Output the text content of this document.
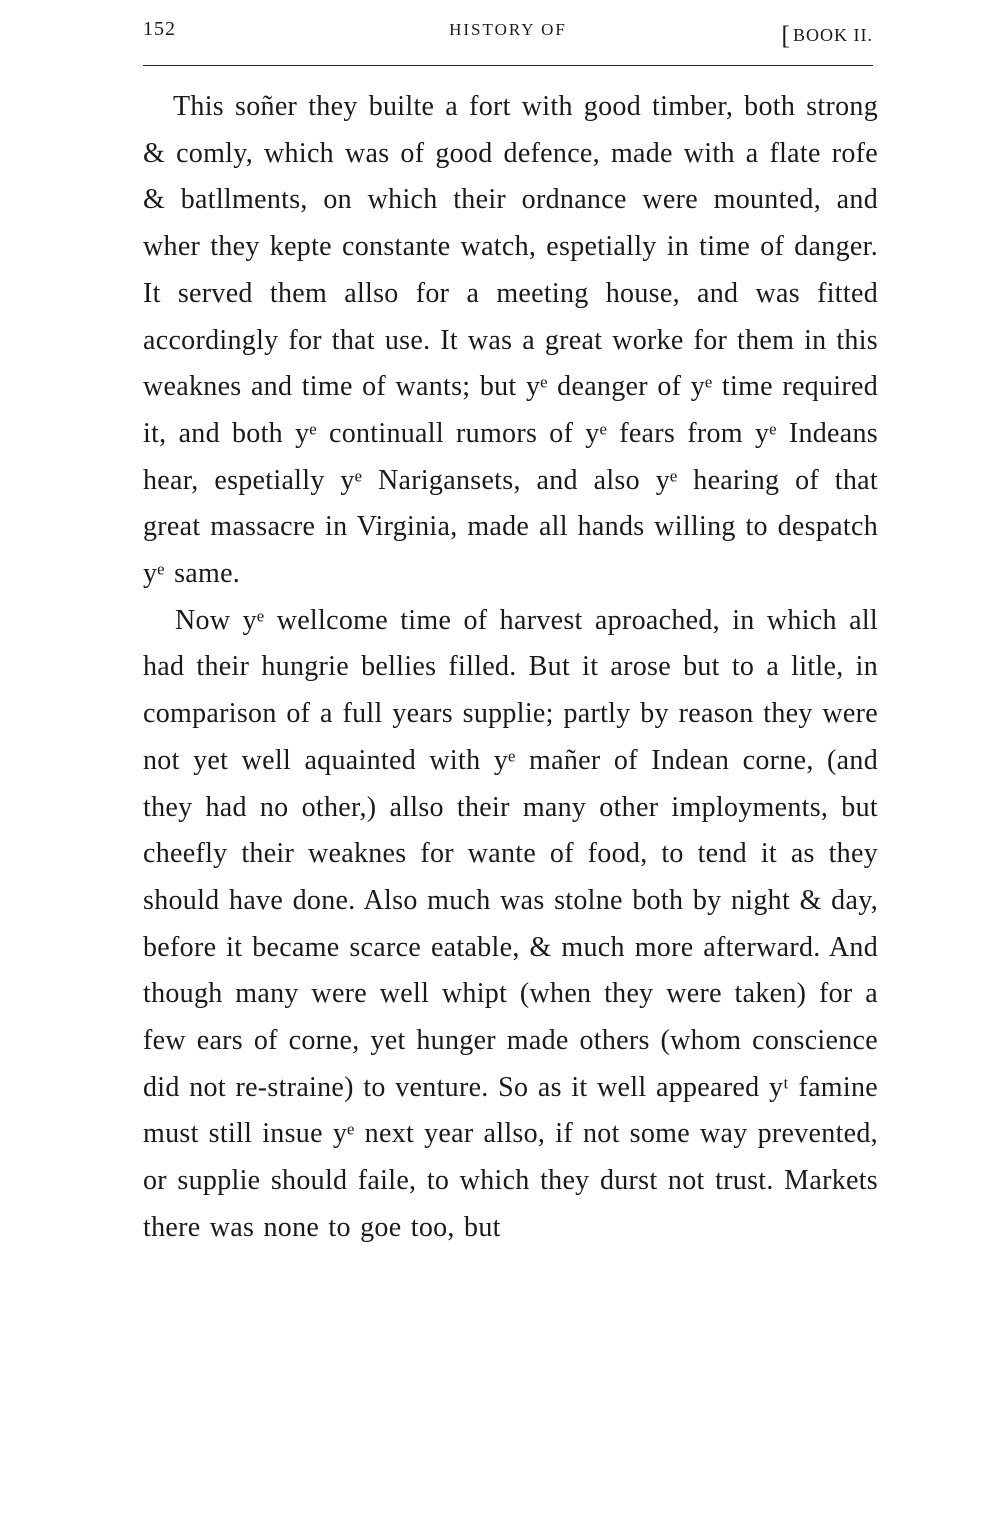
152	HISTORY OF	[ BOOK II.

This soñer they builte a fort with good timber, both strong & comly, which was of good defence, made with a flate rofe & batllments, on which their ordnance were mounted, and wher they kepte constante watch, espetially in time of danger. It served them allso for a meeting house, and was fitted accordingly for that use. It was a great worke for them in this weaknes and time of wants; but yᵉ deanger of yᵉ time required it, and both yᵉ continuall rumors of yᵉ fears from yᵉ Indeans hear, espetially yᵉ Narigansets, and also yᵉ hearing of that great massacre in Virginia, made all hands willing to despatch yᵉ same.

Now yᵉ wellcome time of harvest aproached, in which all had their hungrie bellies filled. But it arose but to a litle, in comparison of a full years supplie; partly by reason they were not yet well aquainted with yᵉ mañer of Indean corne, (and they had no other,) allso their many other imployments, but cheefly their weaknes for wante of food, to tend it as they should have done. Also much was stolne both by night & day, before it became scarce eatable, & much more afterward. And though many were well whipt (when they were taken) for a few ears of corne, yet hunger made others (whom conscience did not re-straine) to venture. So as it well appeared yᵗ famine must still insue yᵉ next year allso, if not some way prevented, or supplie should faile, to which they durst not trust. Markets there was none to goe too, but
